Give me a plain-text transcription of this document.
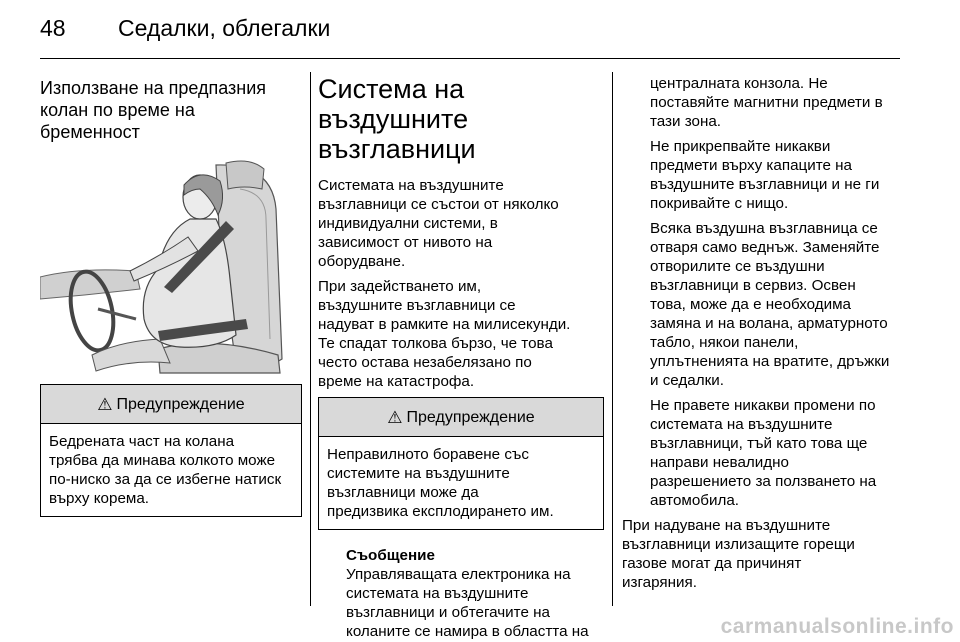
48	Седалки, облегалки
Използване на предпазния
колан по време на
бременност
⚠ Предупреждение
Бедрената част на колана
трябва да минава колкото може
по-ниско за да се избегне натиск
върху корема.
Система на
въздушните
възглавници

Системата на въздушните
възглавници се състои от няколко
индивидуални системи, в
зависимост от нивото на
оборудване.

При задействането им,
въздушните възглавници се
надуват в рамките на милисекунди.
Те спадат толкова бързо, че това
често остава незабелязано по
време на катастрофа.

⚠ Предупреждение
Неправилното боравене със
системите на въздушните
възглавници може да
предизвика експлодирането им.
Съобщение
Управляващата електроника на
системата на въздушните
възглавници и обтегачите на
коланите се намира в областта на

централната конзола. Не
поставяйте магнитни предмети в
тази зона.

Не прикрепвайте никакви
предмети върху капаците на
въздушните възглавници и не ги
покривайте с нищо.

Всяка въздушна възглавница се
отваря само веднъж. Заменяйте
отворилите се въздушни
възглавници в сервиз. Освен
това, може да е необходима
замяна и на волана, арматурното
табло, някои панели,
уплътненията на вратите, дръжки
и седалки.

Не правете никакви промени по
системата на въздушните
възглавници, тъй като това ще
направи невалидно
разрешението за ползването на
автомобила.

При надуване на въздушните
възглавници излизащите горещи
газове могат да причинят
изгаряния.

carmanualsonline.info
